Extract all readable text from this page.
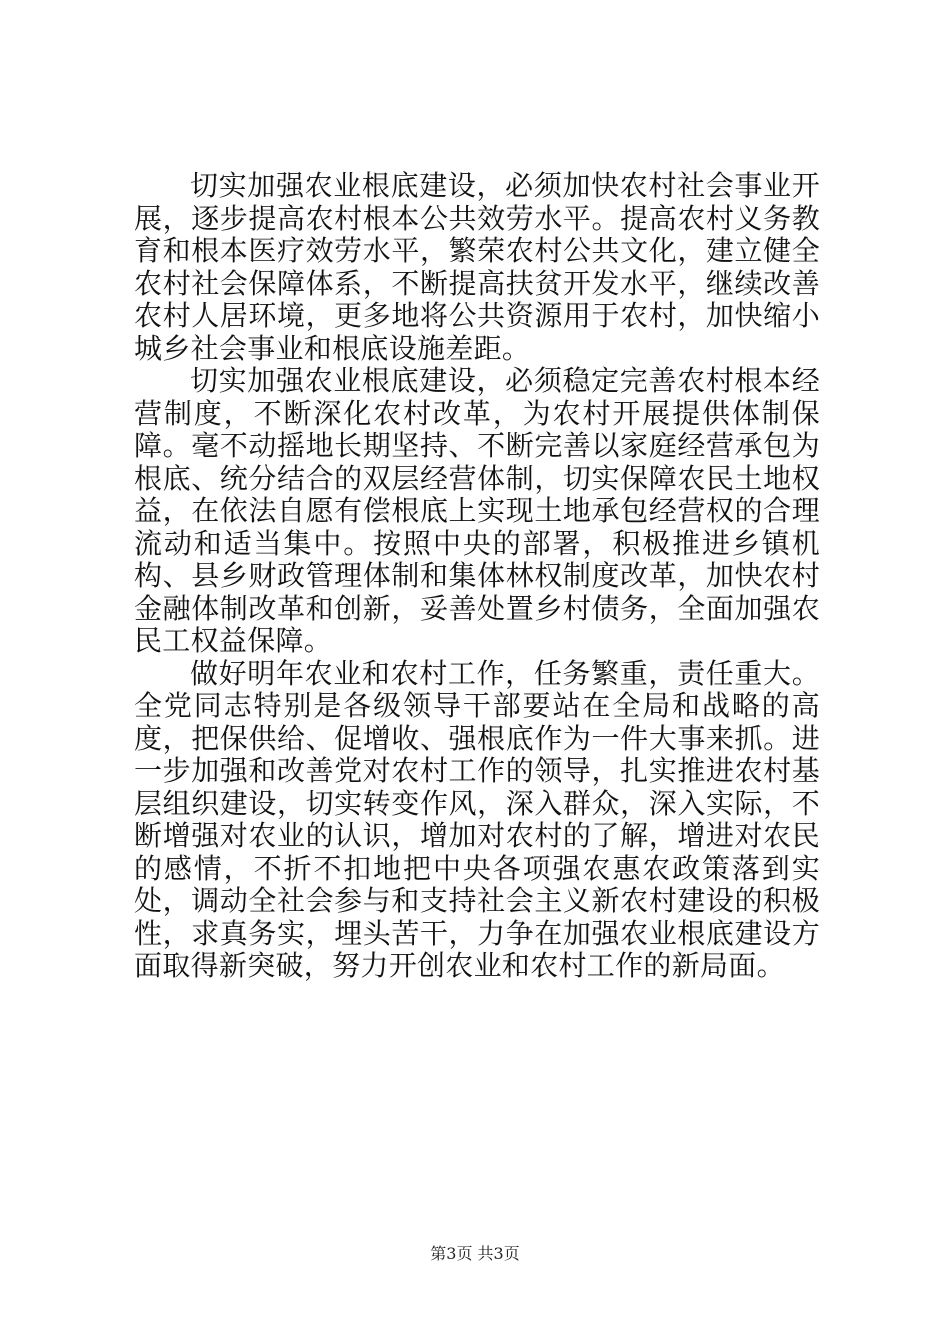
切实加强农业根底建设，必须加快农村社会事业开展，逐步提高农村根本公共效劳水平。提高农村义务教育和根本医疗效劳水平，繁荣农村公共文化，建立健全农村社会保障体系，不断提高扶贫开发水平，继续改善农村人居环境，更多地将公共资源用于农村，加快缩小城乡社会事业和根底设施差距。

切实加强农业根底建设，必须稳定完善农村根本经营制度，不断深化农村改革，为农村开展提供体制保障。毫不动摇地长期坚持、不断完善以家庭经营承包为根底、统分结合的双层经营体制，切实保障农民土地权益，在依法自愿有偿根底上实现土地承包经营权的合理流动和适当集中。按照中央的部署，积极推进乡镇机构、县乡财政管理体制和集体林权制度改革，加快农村金融体制改革和创新，妥善处置乡村债务，全面加强农民工权益保障。

做好明年农业和农村工作，任务繁重，责任重大。全党同志特别是各级领导干部要站在全局和战略的高度，把保供给、促增收、强根底作为一件大事来抓。进一步加强和改善党对农村工作的领导，扎实推进农村基层组织建设，切实转变作风，深入群众，深入实际，不断增强对农业的认识，增加对农村的了解，增进对农民的感情，不折不扣地把中央各项强农惠农政策落到实处，调动全社会参与和支持社会主义新农村建设的积极性，求真务实，埋头苦干，力争在加强农业根底建设方面取得新突破，努力开创农业和农村工作的新局面。

第3页 共3页
